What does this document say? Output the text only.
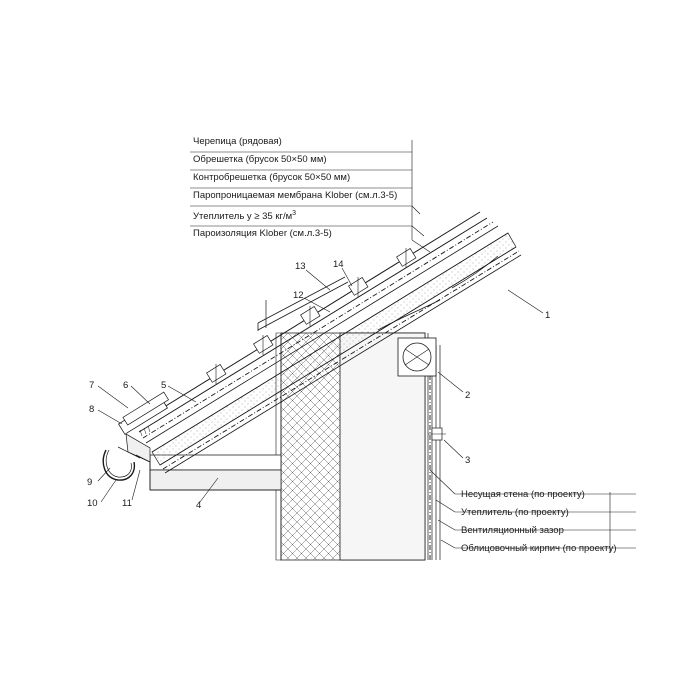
Черепица (рядовая)
Обрешетка (брусок 50×50 мм)
Контробрешетка (брусок 50×50 мм)
Паропроницаемая мембрана Klober (см.л.3-5)
Утеплитель у ≥ 35 $кг/м^3$
Пароизоляция Klober (см.л.3-5)
Несущая стена (по проекту)
Утеплитель (по проекту)
Вентиляционный зазор
Облицовочный кирпич (по проекту)
1
2
3
4
5
6
7
8
9
10	11
12
13	14
